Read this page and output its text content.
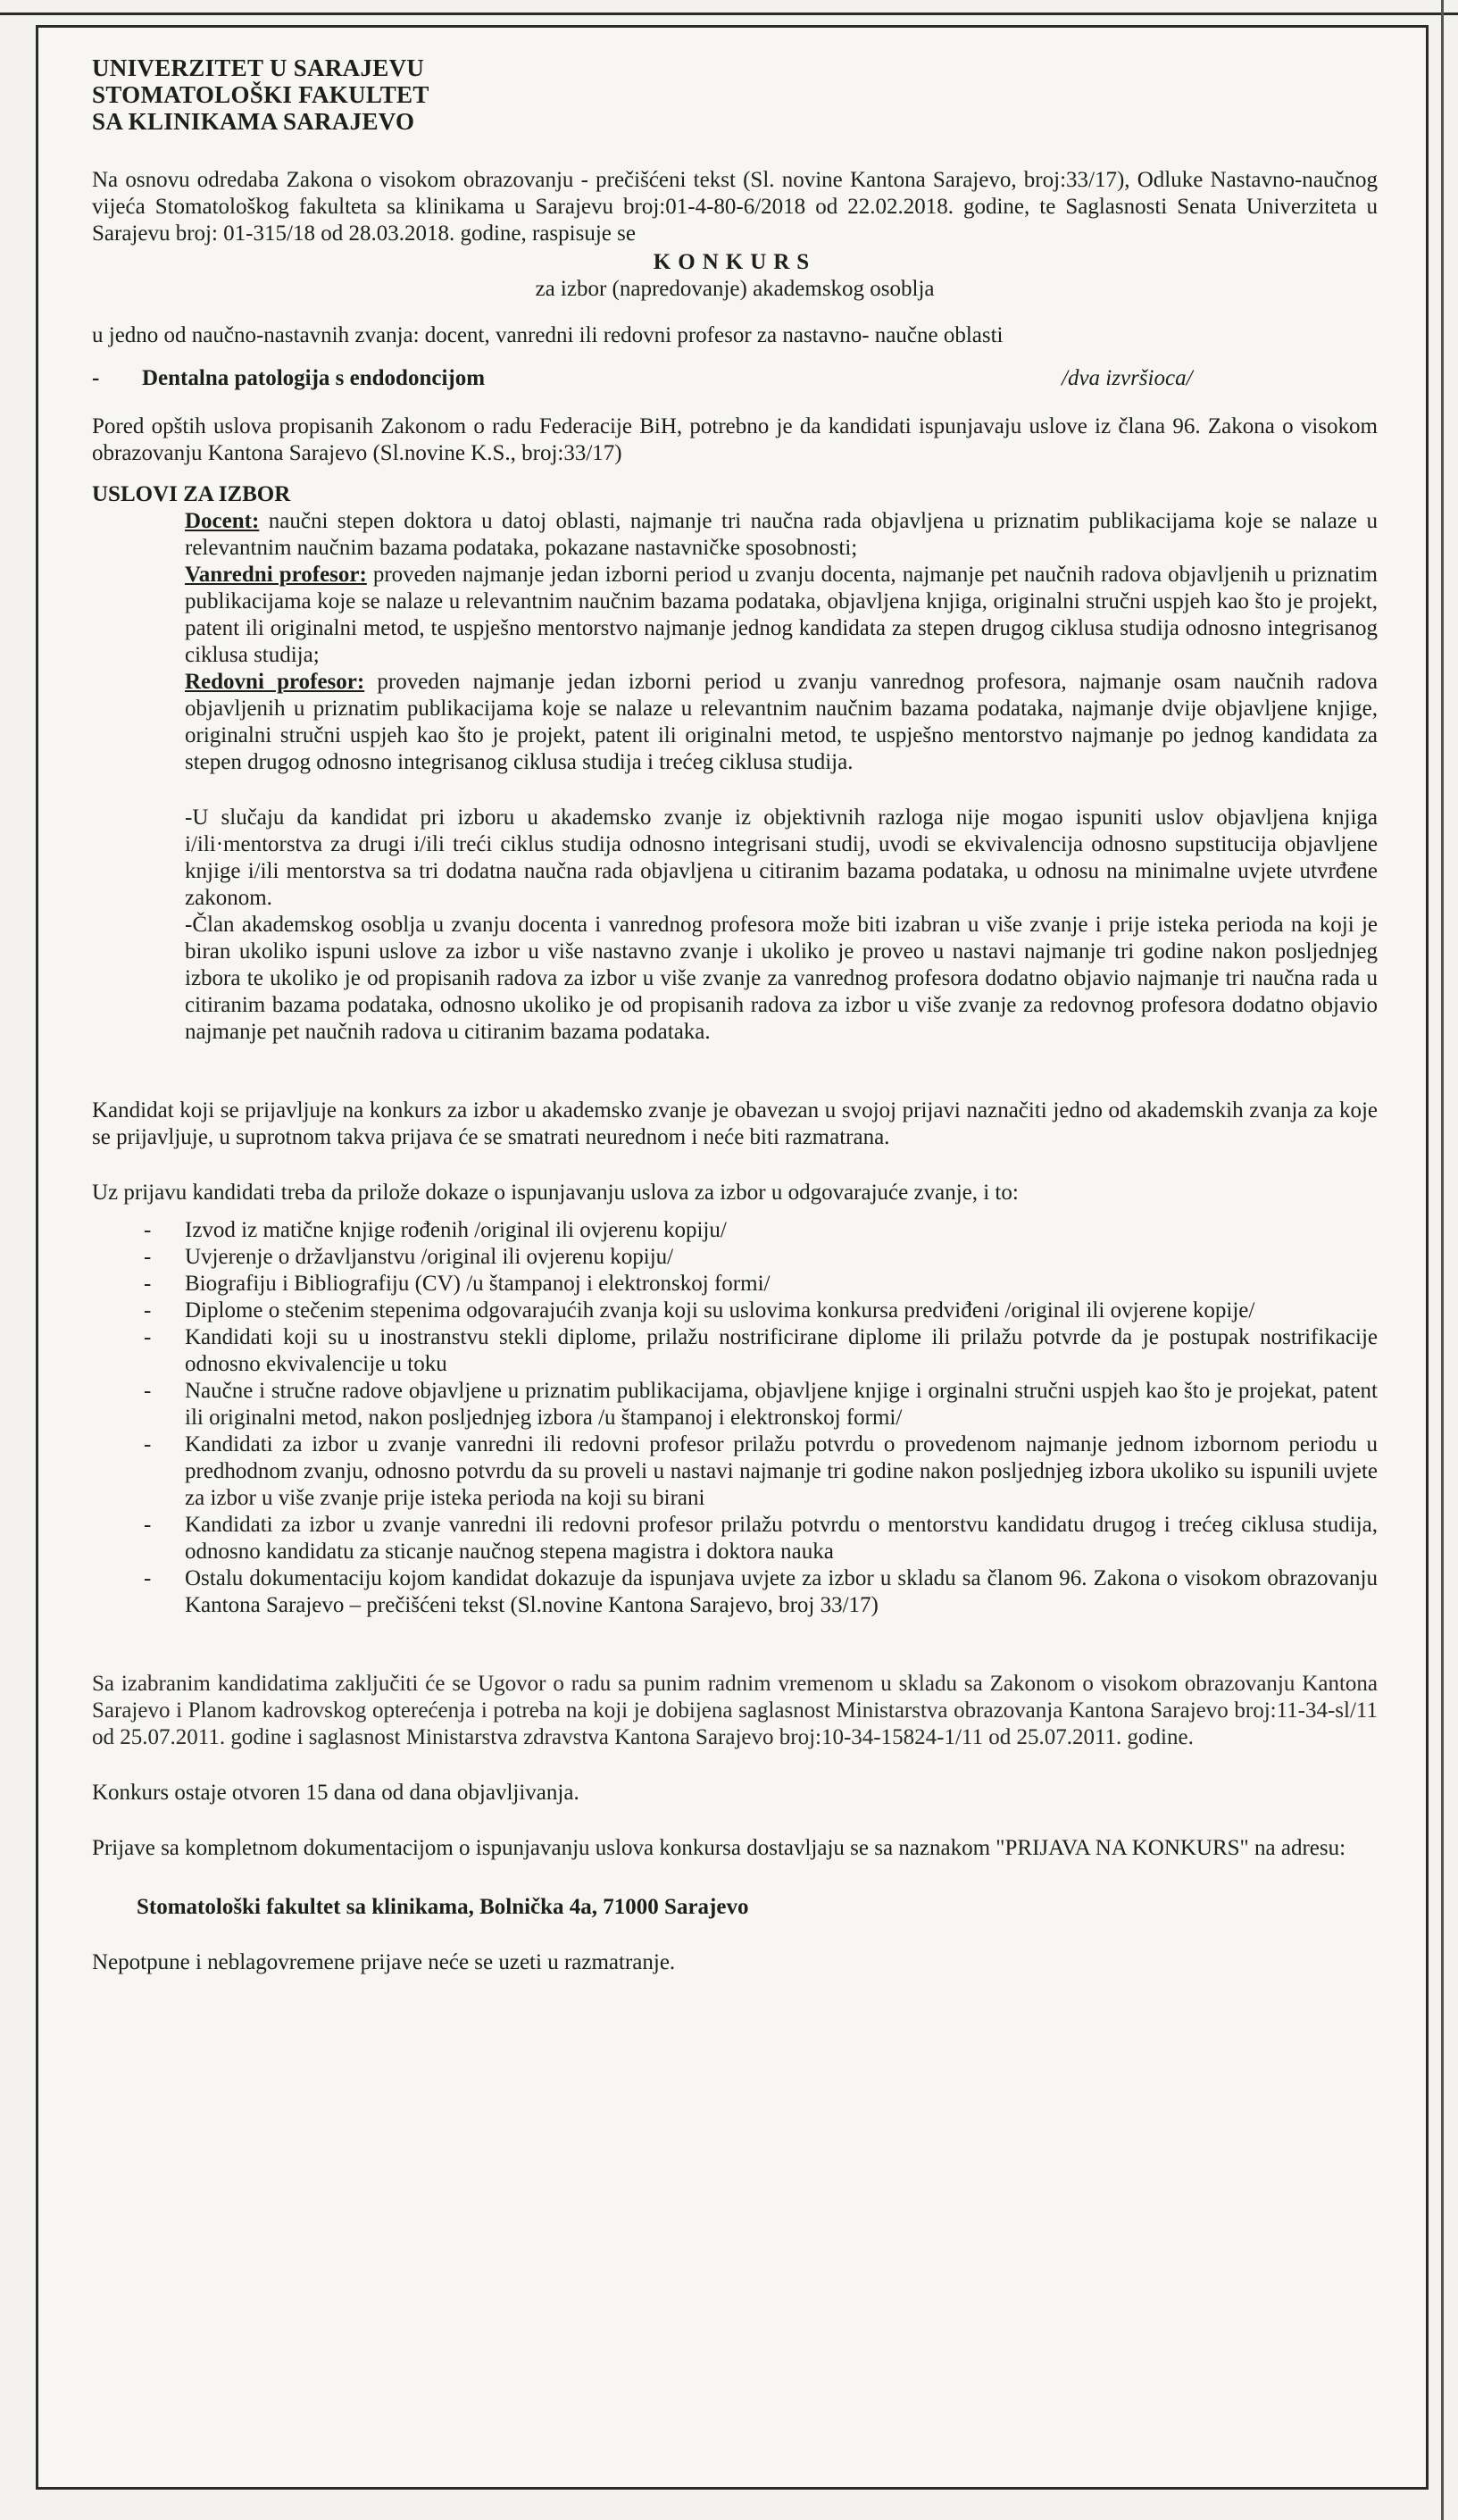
UNIVERZITET U SARAJEVU
STOMATOLOŠKI FAKULTET
SA KLINIKAMA SARAJEVO

Na osnovu odredaba Zakona o visokom obrazovanju - prečišćeni tekst (Sl. novine Kantona Sarajevo, broj:33/17), Odluke Nastavno-naučnog vijeća Stomatološkog fakulteta sa klinikama u Sarajevu broj:01-4-80-6/2018 od 22.02.2018. godine, te Saglasnosti Senata Univerziteta u Sarajevu broj: 01-315/18 od 28.03.2018. godine, raspisuje se

KONKURS
za izbor (napredovanje) akademskog osoblja

u jedno od naučno-nastavnih zvanja: docent, vanredni ili redovni profesor za nastavno- naučne oblasti

-	Dentalna patologija s endodoncijom	/dva izvršioca/

Pored opštih uslova propisanih Zakonom o radu Federacije BiH, potrebno je da kandidati ispunjavaju uslove iz člana 96. Zakona o visokom obrazovanju Kantona Sarajevo (Sl.novine K.S., broj:33/17)

USLOVI ZA IZBOR

Docent: naučni stepen doktora u datoj oblasti, najmanje tri naučna rada objavljena u priznatim publikacijama koje se nalaze u relevantnim naučnim bazama podataka, pokazane nastavničke sposobnosti;

Vanredni profesor: proveden najmanje jedan izborni period u zvanju docenta, najmanje pet naučnih radova objavljenih u priznatim publikacijama koje se nalaze u relevantnim naučnim bazama podataka, objavljena knjiga, originalni stručni uspjeh kao što je projekt, patent ili originalni metod, te uspješno mentorstvo najmanje jednog kandidata za stepen drugog ciklusa studija odnosno integrisanog ciklusa studija;

Redovni profesor: proveden najmanje jedan izborni period u zvanju vanrednog profesora, najmanje osam naučnih radova objavljenih u priznatim publikacijama koje se nalaze u relevantnim naučnim bazama podataka, najmanje dvije objavljene knjige, originalni stručni uspjeh kao što je projekt, patent ili originalni metod, te uspješno mentorstvo najmanje po jednog kandidata za stepen drugog odnosno integrisanog ciklusa studija i trećeg ciklusa studija.

-U slučaju da kandidat pri izboru u akademsko zvanje iz objektivnih razloga nije mogao ispuniti uslov objavljena knjiga i/ili·mentorstva za drugi i/ili treći ciklus studija odnosno integrisani studij, uvodi se ekvivalencija odnosno supstitucija objavljene knjige i/ili mentorstva sa tri dodatna naučna rada objavljena u citiranim bazama podataka, u odnosu na minimalne uvjete utvrđene zakonom.

-Član akademskog osoblja u zvanju docenta i vanrednog profesora može biti izabran u više zvanje i prije isteka perioda na koji je biran ukoliko ispuni uslove za izbor u više nastavno zvanje i ukoliko je proveo u nastavi najmanje tri godine nakon posljednjeg izbora te ukoliko je od propisanih radova za izbor u više zvanje za vanrednog profesora dodatno objavio najmanje tri naučna rada u citiranim bazama podataka, odnosno ukoliko je od propisanih radova za izbor u više zvanje za redovnog profesora dodatno objavio najmanje pet naučnih radova u citiranim bazama podataka.

Kandidat koji se prijavljuje na konkurs za izbor u akademsko zvanje je obavezan u svojoj prijavi naznačiti jedno od akademskih zvanja za koje se prijavljuje, u suprotnom takva prijava će se smatrati neurednom i neće biti razmatrana.

Uz prijavu kandidati treba da prilože dokaze o ispunjavanju uslova za izbor u odgovarajuće zvanje, i to:

-	Izvod iz matične knjige rođenih /original ili ovjerenu kopiju/
-	Uvjerenje o državljanstvu /original ili ovjerenu kopiju/
-	Biografiju i Bibliografiju (CV) /u štampanoj i elektronskoj formi/
-	Diplome o stečenim stepenima odgovarajućih zvanja koji su uslovima konkursa predviđeni /original ili ovjerene kopije/
-	Kandidati koji su u inostranstvu stekli diplome, prilažu nostrificirane diplome ili prilažu potvrde da je postupak nostrifikacije odnosno ekvivalencije u toku
-	Naučne i stručne radove objavljene u priznatim publikacijama, objavljene knjige i orginalni stručni uspjeh kao što je projekat, patent ili originalni metod, nakon posljednjeg izbora /u štampanoj i elektronskoj formi/
-	Kandidati za izbor u zvanje vanredni ili redovni profesor prilažu potvrdu o provedenom najmanje jednom izbornom periodu u predhodnom zvanju, odnosno potvrdu da su proveli u nastavi najmanje tri godine nakon posljednjeg izbora ukoliko su ispunili uvjete za izbor u više zvanje prije isteka perioda na koji su birani
-	Kandidati za izbor u zvanje vanredni ili redovni profesor prilažu potvrdu o mentorstvu kandidatu drugog i trećeg ciklusa studija, odnosno kandidatu za sticanje naučnog stepena magistra i doktora nauka
-	Ostalu dokumentaciju kojom kandidat dokazuje da ispunjava uvjete za izbor u skladu sa članom 96. Zakona o visokom obrazovanju Kantona Sarajevo – prečišćeni tekst (Sl.novine Kantona Sarajevo, broj 33/17)

Sa izabranim kandidatima zaključiti će se Ugovor o radu sa punim radnim vremenom u skladu sa Zakonom o visokom obrazovanju Kantona Sarajevo i Planom kadrovskog opterećenja i potreba na koji je dobijena saglasnost Ministarstva obrazovanja Kantona Sarajevo broj:11-34-sl/11 od 25.07.2011. godine i saglasnost Ministarstva zdravstva Kantona Sarajevo broj:10-34-15824-1/11 od 25.07.2011. godine.

Konkurs ostaje otvoren 15 dana od dana objavljivanja.

Prijave sa kompletnom dokumentacijom o ispunjavanju uslova konkursa dostavljaju se sa naznakom "PRIJAVA NA KONKURS" na adresu:

Stomatološki fakultet sa klinikama, Bolnička 4a, 71000 Sarajevo

Nepotpune i neblagovremene prijave neće se uzeti u razmatranje.
